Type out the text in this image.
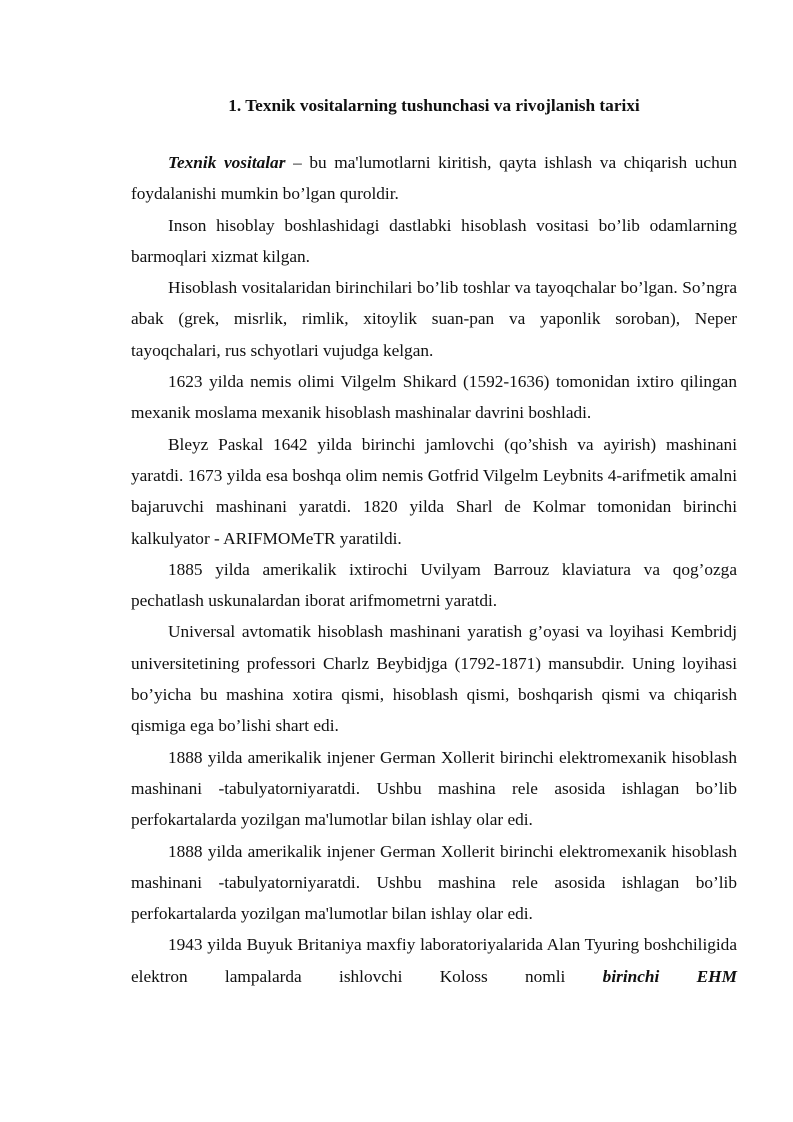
1. Texnik vositalarning tushunchasi va rivojlanish tarixi

Texnik vositalar – bu ma'lumotlarni kiritish, qayta ishlash va chiqarish uchun foydalanishi mumkin bo’lgan quroldir.

Inson hisoblay boshlashidagi dastlabki hisoblash vositasi bo’lib odamlarning barmoqlari xizmat kilgan.

Hisoblash vositalaridan birinchilari bo’lib toshlar va tayoqchalar bo’lgan. So’ngra abak (grek, misrlik, rimlik, xitoylik suan-pan va yaponlik soroban), Neper tayoqchalari, rus schyotlari vujudga kelgan.

1623 yilda nemis olimi Vilgelm Shikard (1592-1636) tomonidan ixtiro qilingan mexanik moslama mexanik hisoblash mashinalar davrini boshladi.

Bleyz Paskal 1642 yilda birinchi jamlovchi (qo’shish va ayirish) mashinani yaratdi. 1673 yilda esa boshqa olim nemis Gotfrid Vilgelm Leybnits 4-arifmetik amalni bajaruvchi mashinani yaratdi. 1820 yilda Sharl de Kolmar tomonidan birinchi kalkulyator - ARIFMOMeTR yaratildi.

1885 yilda amerikalik ixtirochi Uvilyam Barrouz klaviatura va qog’ozga pechatlash uskunalardan iborat arifmometrni yaratdi.

Universal avtomatik hisoblash mashinani yaratish g’oyasi va loyihasi Kembridj universitetining professori Charlz Beybidjga (1792-1871) mansubdir. Uning loyihasi bo’yicha bu mashina xotira qismi, hisoblash qismi, boshqarish qismi va chiqarish qismiga ega bo’lishi shart edi.

1888 yilda amerikalik injener German Xollerit birinchi elektromexanik hisoblash mashinani -tabulyatorniyaratdi. Ushbu mashina rele asosida ishlagan bo’lib perfokartalarda yozilgan ma'lumotlar bilan ishlay olar edi.

1888 yilda amerikalik injener German Xollerit birinchi elektromexanik hisoblash mashinani -tabulyatorniyaratdi. Ushbu mashina rele asosida ishlagan bo’lib perfokartalarda yozilgan ma'lumotlar bilan ishlay olar edi.

1943 yilda Buyuk Britaniya maxfiy laboratoriyalarida Alan Tyuring boshchiligida elektron lampalarda ishlovchi Koloss nomli birinchi EHM
